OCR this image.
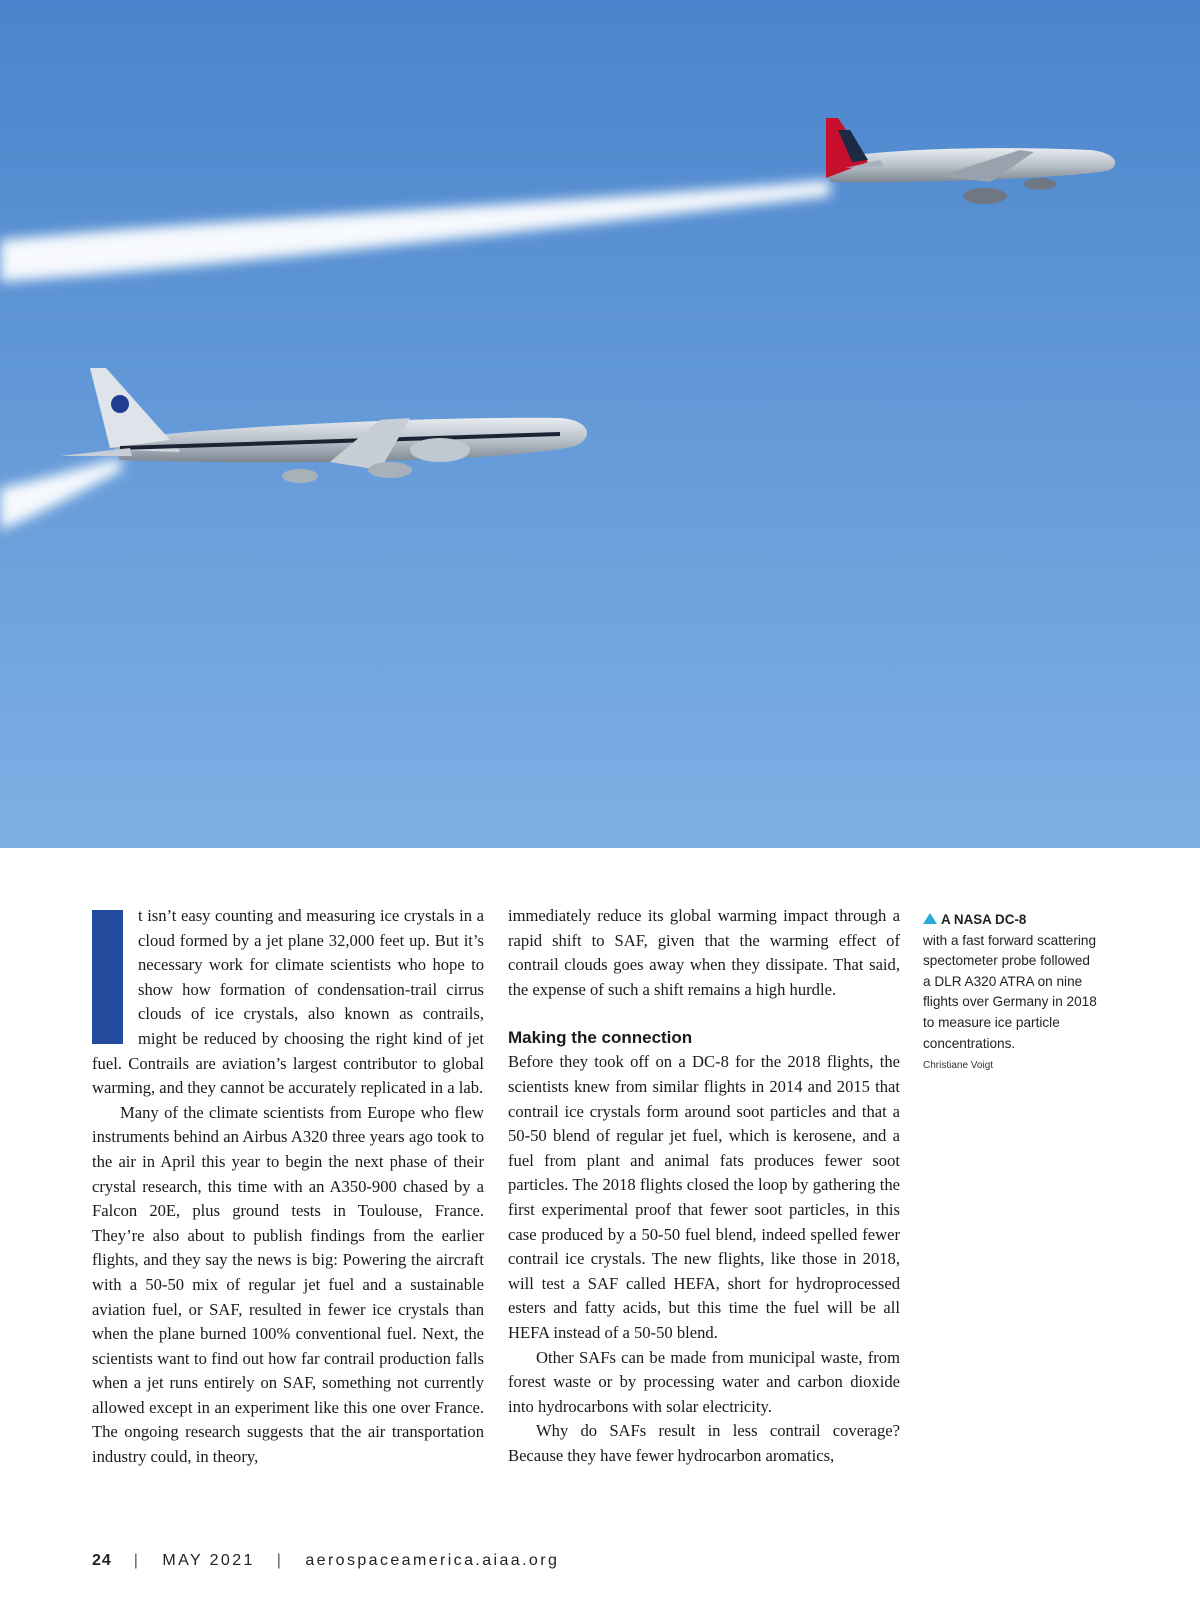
t isn’t easy counting and measuring ice crystals in a cloud formed by a jet plane 32,000 feet up. But it’s necessary work for climate scientists who hope to show how formation of condensation-trail cirrus clouds of ice crystals, also known as contrails, might be reduced by choosing the right kind of jet fuel. Contrails are aviation’s largest contributor to global warming, and they cannot be accurately replicated in a lab.

Many of the climate scientists from Europe who flew instruments behind an Airbus A320 three years ago took to the air in April this year to begin the next phase of their crystal research, this time with an A350-900 chased by a Falcon 20E, plus ground tests in Toulouse, France. They’re also about to publish findings from the earlier flights, and they say the news is big: Powering the aircraft with a 50-50 mix of regular jet fuel and a sustainable aviation fuel, or SAF, resulted in fewer ice crystals than when the plane burned 100% conventional fuel. Next, the scientists want to find out how far contrail production falls when a jet runs entirely on SAF, something not currently allowed except in an experiment like this one over France. The ongoing research suggests that the air transportation industry could, in theory,

immediately reduce its global warming impact through a rapid shift to SAF, given that the warming effect of contrail clouds goes away when they dissipate. That said, the expense of such a shift remains a high hurdle.

Making the connection

Before they took off on a DC-8 for the 2018 flights, the scientists knew from similar flights in 2014 and 2015 that contrail ice crystals form around soot particles and that a 50-50 blend of regular jet fuel, which is kerosene, and a fuel from plant and animal fats produces fewer soot particles. The 2018 flights closed the loop by gathering the first experimental proof that fewer soot particles, in this case produced by a 50-50 fuel blend, indeed spelled fewer contrail ice crystals. The new flights, like those in 2018, will test a SAF called HEFA, short for hydroprocessed esters and fatty acids, but this time the fuel will be all HEFA instead of a 50-50 blend.

Other SAFs can be made from municipal waste, from forest waste or by processing water and carbon dioxide into hydrocarbons with solar electricity.

Why do SAFs result in less contrail coverage? Because they have fewer hydrocarbon aromatics,

A NASA DC-8
with a fast forward scattering spectometer probe followed a DLR A320 ATRA on nine flights over Germany in 2018 to measure ice particle concentrations.
Christiane Voigt
24 | MAY 2021 | aerospaceamerica.aiaa.org
